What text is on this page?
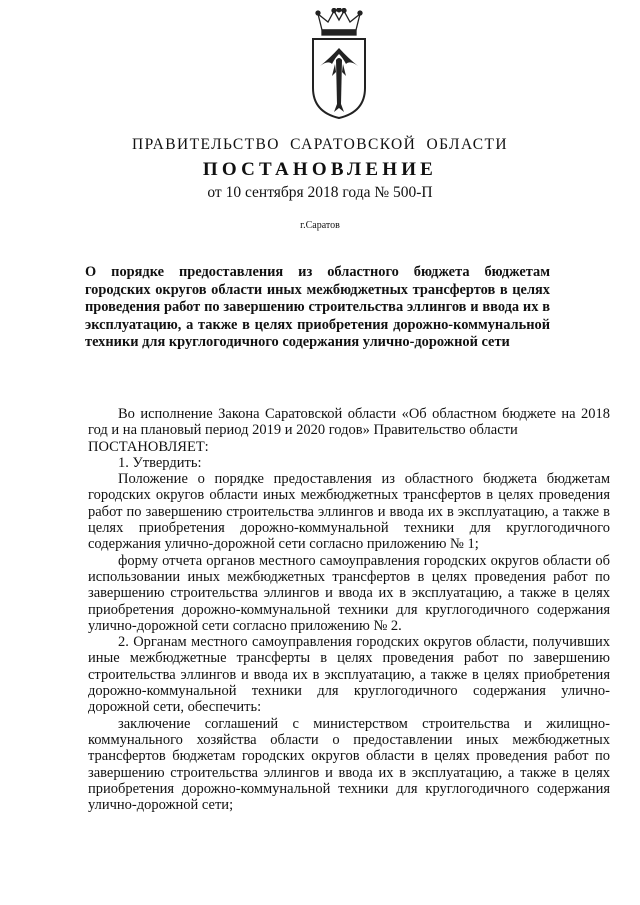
ПРАВИТЕЛЬСТВО САРАТОВСКОЙ ОБЛАСТИ
ПОСТАНОВЛЕНИЕ
от 10 сентября 2018 года № 500-П
г.Саратов
О порядке предоставления из областного бюджета бюджетам городских округов области иных межбюджетных трансфертов в целях проведения работ по завершению строительства эллингов и ввода их в эксплуатацию, а также в целях приобретения дорожно-коммунальной техники для круглогодичного содержания улично-дорожной сети

Во исполнение Закона Саратовской области «Об областном бюджете на 2018 год и на плановый период 2019 и 2020 годов» Правительство области

ПОСТАНОВЛЯЕТ:

1. Утвердить:

Положение о порядке предоставления из областного бюджета бюджетам городских округов области иных межбюджетных трансфертов в целях проведения работ по завершению строительства эллингов и ввода их в эксплуатацию, а также в целях приобретения дорожно-коммунальной техники для круглогодичного содержания улично-дорожной сети согласно приложению № 1;

форму отчета органов местного самоуправления городских округов области об использовании иных межбюджетных трансфертов в целях проведения работ по завершению строительства эллингов и ввода их в эксплуатацию, а также в целях приобретения дорожно-коммунальной техники для круглогодичного содержания улично-дорожной сети согласно приложению № 2.

2. Органам местного самоуправления городских округов области, получивших иные межбюджетные трансферты в целях проведения работ по завершению строительства эллингов и ввода их в эксплуатацию, а также в целях приобретения дорожно-коммунальной техники для круглогодичного содержания улично-дорожной сети, обеспечить:

заключение соглашений с министерством строительства и жилищно-коммунального хозяйства области о предоставлении иных межбюджетных трансфертов бюджетам городских округов области в целях проведения работ по завершению строительства эллингов и ввода их в эксплуатацию, а также в целях приобретения дорожно-коммунальной техники для круглогодичного содержания улично-дорожной сети;
